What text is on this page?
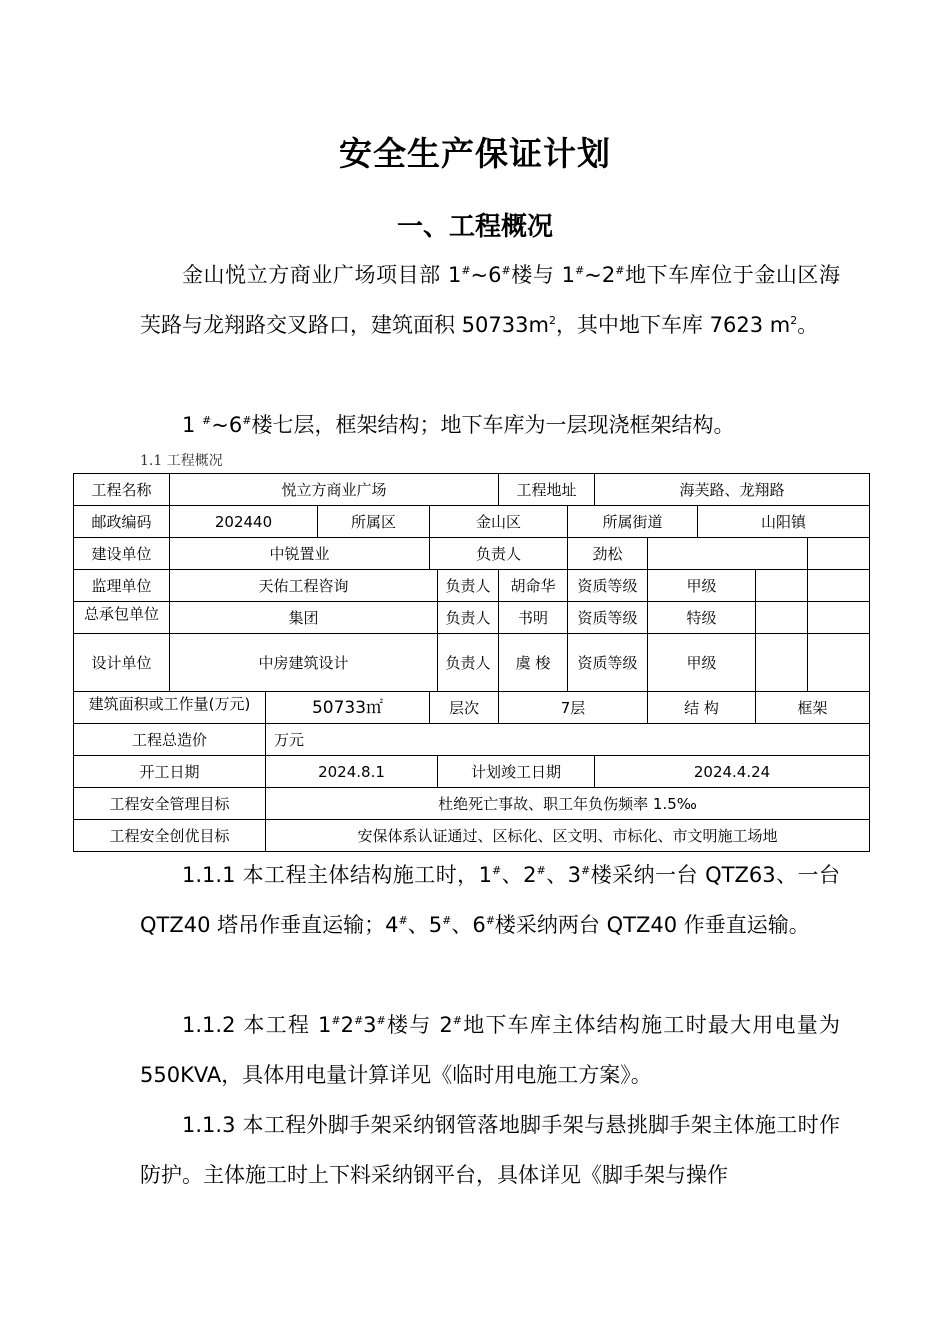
安全生产保证计划
一、工程概况
金山悦立方商业广场项目部 1#~6#楼与 1#~2#地下车库位于金山区海芙路与龙翔路交叉路口，建筑面积 $50733m^2$，其中地下车库 7623 $m^2$。
1 #~6#楼七层，框架结构；地下车库为一层现浇框架结构。
1.1 工程概况
工程名称	悦立方商业广场					工程地址		海芙路、龙翔路				
邮政编码	202440		所属区	金山区			所属街道			山阳镇		
建设单位	中锐置业			负责人			劲松					
监理单位	天佑工程咨询				负责人	胡命华	资质等级		甲级			
总承包单位	集团				负责人	书明	资质等级		特级			
设计单位	中房建筑设计				负责人	虞 梭	资质等级		甲级			
建筑面积或工作量(万元)		50733㎡		层次		7层			结 构		框架	
工程总造价		万元										
开工日期		2024.8.1			计划竣工日期			2024.4.24				
工程安全管理目标		杜绝死亡事故、职工年负伤频率 1.5‰										
工程安全创优目标		安保体系认证通过、区标化、区文明、市标化、市文明施工场地										
1.1.1 本工程主体结构施工时，1#、2#、3#楼采纳一台 QTZ63、一台 QTZ40 塔吊作垂直运输；4#、5#、6#楼采纳两台 QTZ40 作垂直运输。
1.1.2 本工程 1#2#3#楼与 2#地下车库主体结构施工时最大用电量为 550KVA，具体用电量计算详见《临时用电施工方案》。
1.1.3 本工程外脚手架采纳钢管落地脚手架与悬挑脚手架主体施工时作防护。主体施工时上下料采纳钢平台，具体详见《脚手架与操作
